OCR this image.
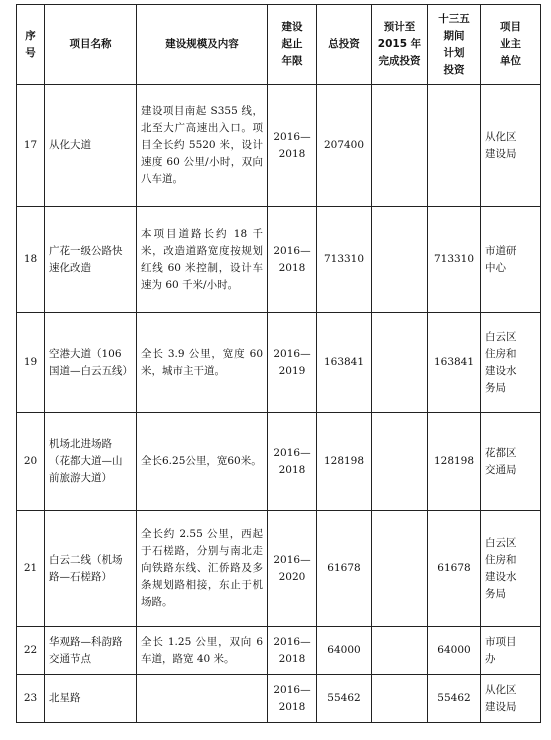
序
号	项目名称	建设规模及内容	建设
起止
年限	总投资	预计至
2015 年
完成投资	十三五
期间
计划
投资	项目
业主
单位
17	从化大道	建设项目南起 S355 线，北至大广高速出入口。项目全长约 5520 米，设计速度 60 公里/小时，双向八车道。	2016—
2018	207400			从化区
建设局
18	广花一级公路快速化改造	本项目道路长约 18 千米，改造道路宽度按规划红线 60 米控制，设计车速为 60 千米/小时。	2016—
2018	713310		713310	市道研
中心
19	空港大道（106 国道—白云五线）	全长 3.9 公里，宽度 60 米，城市主干道。	2016—
2019	163841		163841	白云区
住房和
建设水
务局
20	机场北进场路（花都大道—山前旅游大道）	全长6.25公里，宽60米。	2016—
2018	128198		128198	花都区
交通局
21	白云二线（机场路—石槎路）	全长约 2.55 公里，西起于石槎路，分别与南北走向铁路东线、汇侨路及多条规划路相接，东止于机场路。	2016—
2020	61678		61678	白云区
住房和
建设水
务局
22	华观路—科韵路交通节点	全长 1.25 公里，双向 6 车道，路宽 40 米。	2016—
2018	64000		64000	市项目
办
23	北星路		2016—
2018	55462		55462	从化区
建设局
